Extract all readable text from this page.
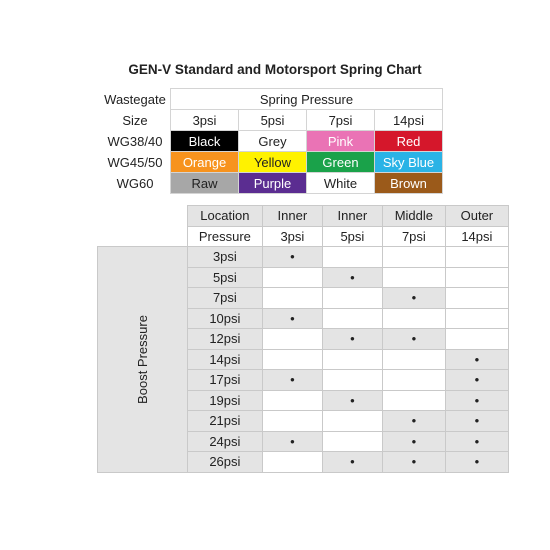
GEN-V Standard and Motorsport Spring Chart
Wastegate	Spring Pressure			
Size	3psi	5psi	7psi	14psi
WG38/40	Black	Grey	Pink	Red
WG45/50	Orange	Yellow	Green	Sky Blue
WG60	Raw	Purple	White	Brown
	Location	Inner	Inner	Middle	Outer
	Pressure	3psi	5psi	7psi	14psi
Boost Pressure	3psi	•			
	5psi		•		
	7psi			•	
	10psi	•			
	12psi		•	•	
	14psi				•
	17psi	•			•
	19psi		•		•
	21psi			•	•
	24psi	•		•	•
	26psi		•	•	•
